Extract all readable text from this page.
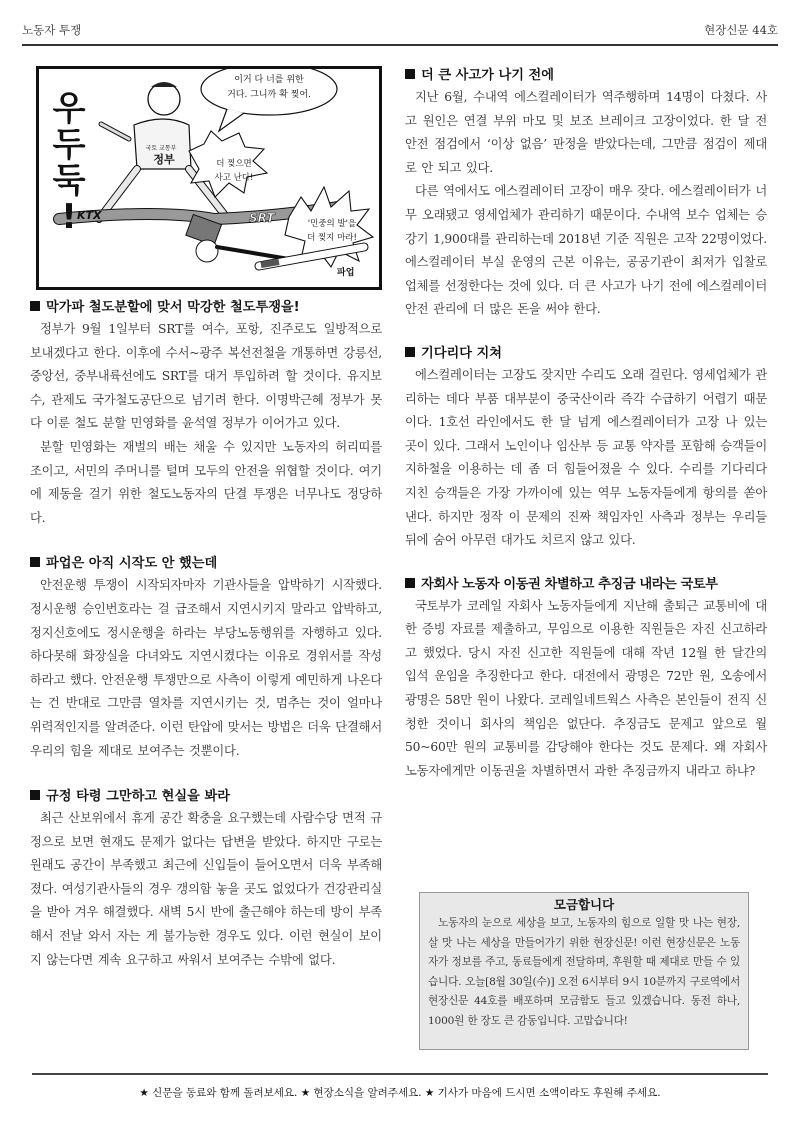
노동자 투쟁	현장신문 44호
우
두
둑
!
이거 다 너를 위한
거다. 그니까 확 찢어.
국토 교통부
정부	더 찢으면
사고 난다!
'민중의 발'을
더 찢지 마라!
KTX	SRT
파업
막가파 철도분할에 맞서 막강한 철도투쟁을!

정부가 9월 1일부터 SRT를 여수, 포항, 진주로도 일방적으로 보내겠다고 한다. 이후에 수서~광주 복선전철을 개통하면 강릉선, 중앙선, 중부내륙선에도 SRT를 대거 투입하려 할 것이다. 유지보수, 관제도 국가철도공단으로 넘기려 한다. 이명박근혜 정부가 못다 이룬 철도 분할 민영화를 윤석열 정부가 이어가고 있다.

분할 민영화는 재벌의 배는 채울 수 있지만 노동자의 허리띠를 조이고, 서민의 주머니를 털며 모두의 안전을 위협할 것이다. 여기에 제동을 걸기 위한 철도노동자의 단결 투쟁은 너무나도 정당하다.

파업은 아직 시작도 안 했는데

안전운행 투쟁이 시작되자마자 기관사들을 압박하기 시작했다. 정시운행 승인번호라는 걸 급조해서 지연시키지 말라고 압박하고, 정지신호에도 정시운행을 하라는 부당노동행위를 자행하고 있다. 하다못해 화장실을 다녀와도 지연시켰다는 이유로 경위서를 작성하라고 했다. 안전운행 투쟁만으로 사측이 이렇게 예민하게 나온다는 건 반대로 그만큼 열차를 지연시키는 것, 멈추는 것이 얼마나 위력적인지를 알려준다. 이런 탄압에 맞서는 방법은 더욱 단결해서 우리의 힘을 제대로 보여주는 것뿐이다.

규정 타령 그만하고 현실을 봐라

최근 산보위에서 휴게 공간 확충을 요구했는데 사람수당 면적 규정으로 보면 현재도 문제가 없다는 답변을 받았다. 하지만 구로는 원래도 공간이 부족했고 최근에 신입들이 들어오면서 더욱 부족해졌다. 여성기관사들의 경우 갱의함 놓을 곳도 없었다가 건강관리실을 받아 겨우 해결했다. 새벽 5시 반에 출근해야 하는데 방이 부족해서 전날 와서 자는 게 불가능한 경우도 있다. 이런 현실이 보이지 않는다면 계속 요구하고 싸워서 보여주는 수밖에 없다.

더 큰 사고가 나기 전에

지난 6월, 수내역 에스컬레이터가 역주행하며 14명이 다쳤다. 사고 원인은 연결 부위 마모 및 보조 브레이크 고장이었다. 한 달 전 안전 점검에서 ‘이상 없음’ 판정을 받았다는데, 그만큼 점검이 제대로 안 되고 있다.

다른 역에서도 에스컬레이터 고장이 매우 잦다. 에스컬레이터가 너무 오래됐고 영세업체가 관리하기 때문이다. 수내역 보수 업체는 승강기 1,900대를 관리하는데 2018년 기준 직원은 고작 22명이었다. 에스컬레이터 부실 운영의 근본 이유는, 공공기관이 최저가 입찰로 업체를 선정한다는 것에 있다. 더 큰 사고가 나기 전에 에스컬레이터 안전 관리에 더 많은 돈을 써야 한다.

기다리다 지쳐

에스컬레이터는 고장도 잦지만 수리도 오래 걸린다. 영세업체가 관리하는 데다 부품 대부분이 중국산이라 즉각 수급하기 어렵기 때문이다. 1호선 라인에서도 한 달 넘게 에스컬레이터가 고장 나 있는 곳이 있다. 그래서 노인이나 임산부 등 교통 약자를 포함해 승객들이 지하철을 이용하는 데 좀 더 힘들어졌을 수 있다. 수리를 기다리다 지친 승객들은 가장 가까이에 있는 역무 노동자들에게 항의를 쏟아낸다. 하지만 정작 이 문제의 진짜 책임자인 사측과 정부는 우리들 뒤에 숨어 아무런 대가도 치르지 않고 있다.

자회사 노동자 이동권 차별하고 추징금 내라는 국토부

국토부가 코레일 자회사 노동자들에게 지난해 출퇴근 교통비에 대한 증빙 자료를 제출하고, 무임으로 이용한 직원들은 자진 신고하라고 했었다. 당시 자진 신고한 직원들에 대해 작년 12월 한 달간의 입석 운임을 추징한다고 한다. 대전에서 광명은 72만 원, 오송에서 광명은 58만 원이 나왔다. 코레일네트웍스 사측은 본인들이 전직 신청한 것이니 회사의 책임은 없단다. 추징금도 문제고 앞으로 월 50~60만 원의 교통비를 감당해야 한다는 것도 문제다. 왜 자회사 노동자에게만 이동권을 차별하면서 과한 추징금까지 내라고 하냐?

모금합니다
노동자의 눈으로 세상을 보고, 노동자의 힘으로 일할 맛 나는 현장, 살 맛 나는 세상을 만들어가기 위한 현장신문! 이런 현장신문은 노동자가 정보를 주고, 동료들에게 전달하며, 후원할 때 제대로 만들 수 있습니다. 오늘[8월 30일(수)] 오전 6시부터 9시 10분까지 구로역에서 현장신문 44호를 배포하며 모금함도 들고 있겠습니다. 동전 하나, 1000원 한 장도 큰 감동입니다. 고맙습니다!
★ 신문을 동료와 함께 돌려보세요. ★ 현장소식을 알려주세요. ★ 기사가 마음에 드시면 소액이라도 후원해 주세요.
